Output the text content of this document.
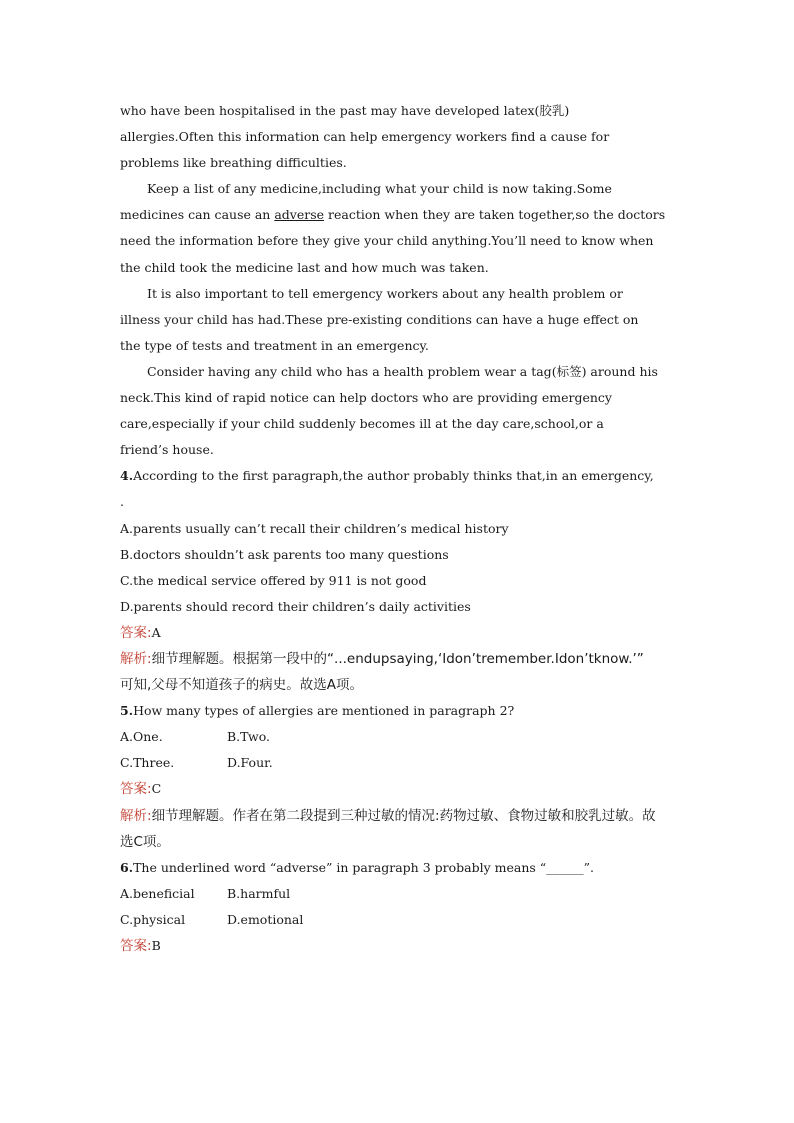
who have been hospitalised in the past may have developed latex(胶乳)
allergies.Often this information can help emergency workers find a cause for
problems like breathing difficulties.
Keep a list of any medicine,including what your child is now taking.Some
medicines can cause an adverse reaction when they are taken together,so the doctors
need the information before they give your child anything.You’ll need to know when
the child took the medicine last and how much was taken.
It is also important to tell emergency workers about any health problem or
illness your child has had.These pre-existing conditions can have a huge effect on
the type of tests and treatment in an emergency.
Consider having any child who has a health problem wear a tag(标签) around his
neck.This kind of rapid notice can help doctors who are providing emergency
care,especially if your child suddenly becomes ill at the day care,school,or a
friend’s house.
4.According to the first paragraph,the author probably thinks that,in an emergency,
.
A.parents usually can’t recall their children’s medical history
B.doctors shouldn’t ask parents too many questions
C.the medical service offered by 911 is not good
D.parents should record their children’s daily activities
答案:A
解析:细节理解题。根据第一段中的“...endupsaying,‘Idon’tremember.Idon’tknow.’”
可知,父母不知道孩子的病史。故选A项。
5.How many types of allergies are mentioned in paragraph 2?
A.One.	B.Two.
C.Three.	D.Four.
答案:C
解析:细节理解题。作者在第二段提到三种过敏的情况:药物过敏、食物过敏和胶乳过敏。故
选C项。
6.The underlined word “adverse” in paragraph 3 probably means “______”.
A.beneficial	B.harmful
C.physical	D.emotional
答案:B
